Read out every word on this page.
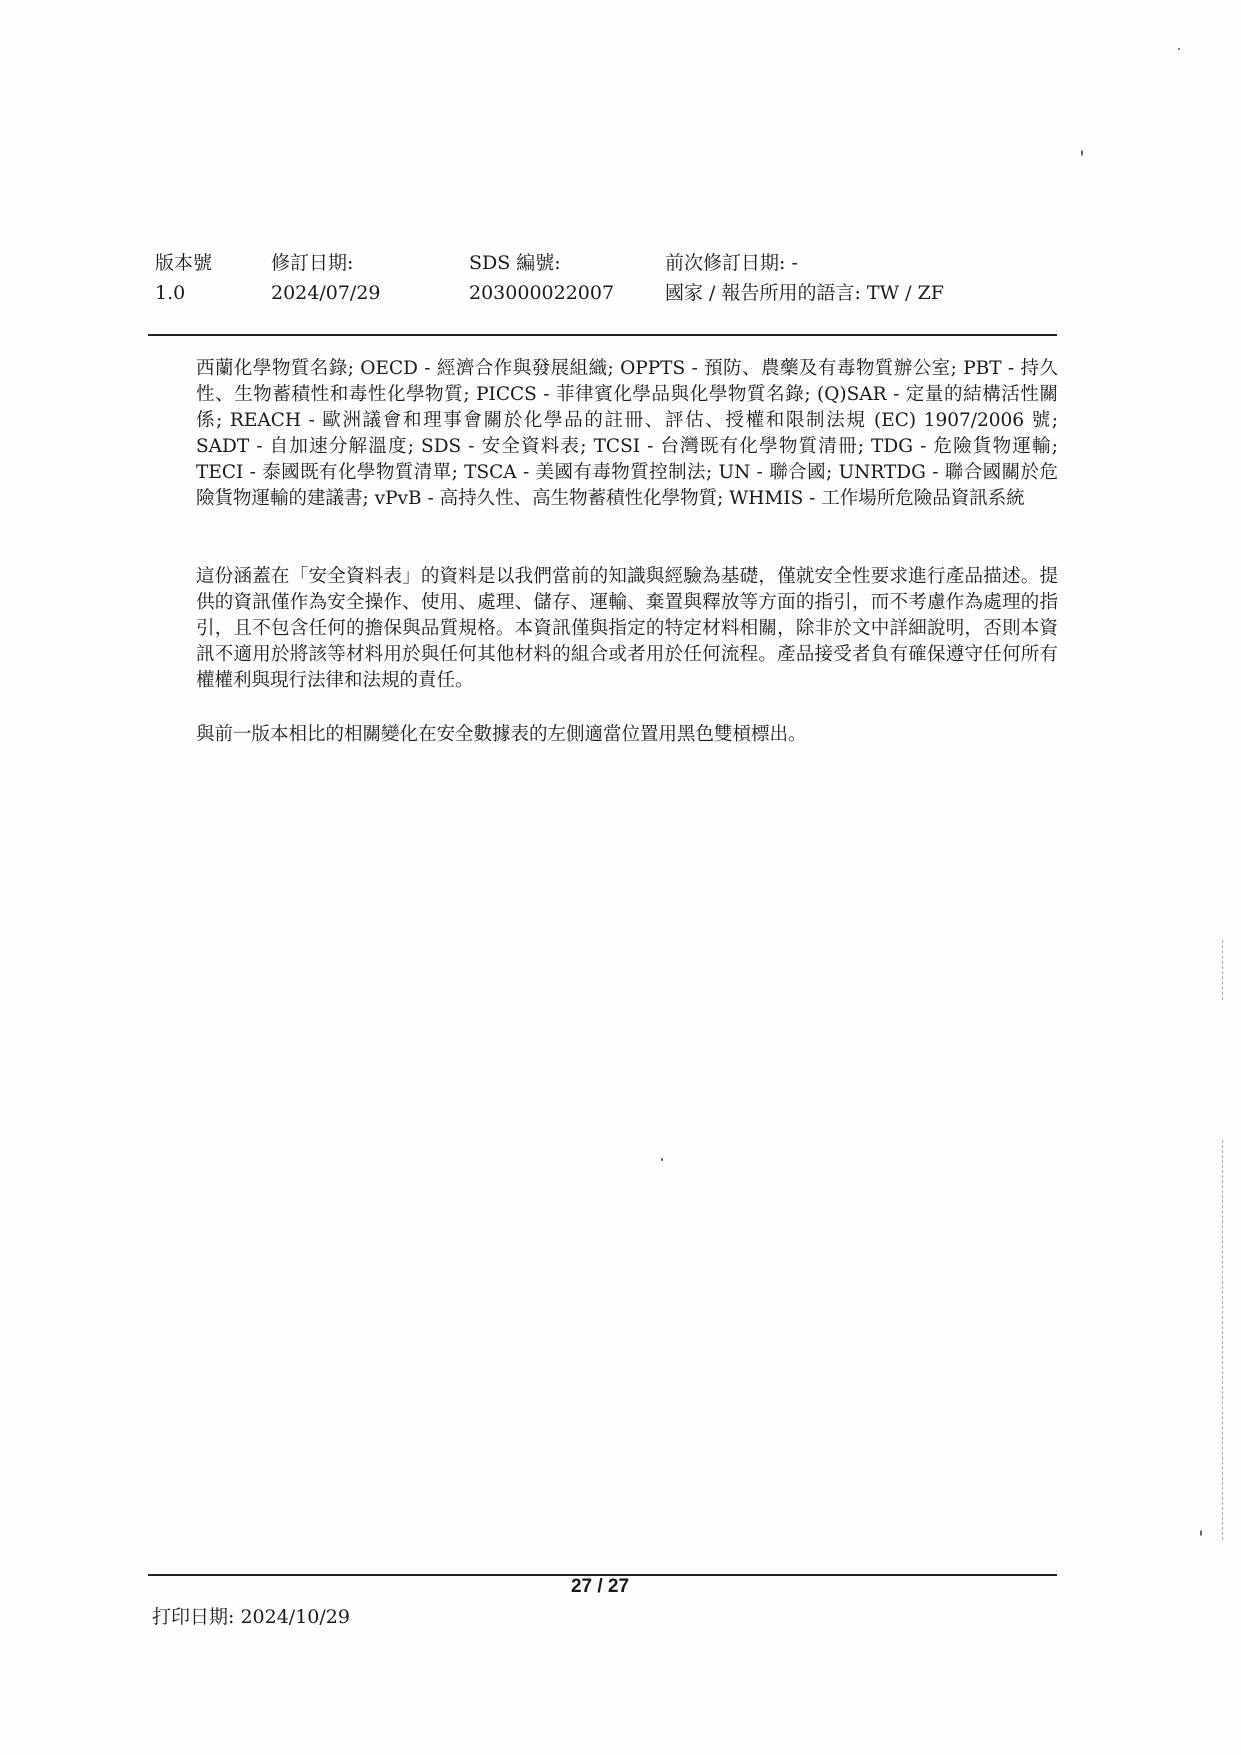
版本號
1.0
修訂日期:
2024/07/29
SDS 編號:
203000022007
前次修訂日期: -
國家 / 報告所用的語言: TW / ZF

西蘭化學物質名錄; OECD - 經濟合作與發展組織; OPPTS - 預防、農藥及有毒物質辦公室; PBT - 持久性、生物蓄積性和毒性化學物質; PICCS - 菲律賓化學品與化學物質名錄; (Q)SAR - 定量的結構活性關係; REACH - 歐洲議會和理事會關於化學品的註冊、評估、授權和限制法規 (EC) 1907/2006 號; SADT - 自加速分解溫度; SDS - 安全資料表; TCSI - 台灣既有化學物質清冊; TDG - 危險貨物運輸; TECI - 泰國既有化學物質清單; TSCA - 美國有毒物質控制法; UN - 聯合國; UNRTDG - 聯合國關於危險貨物運輸的建議書; vPvB - 高持久性、高生物蓄積性化學物質; WHMIS - 工作場所危險品資訊系統

這份涵蓋在「安全資料表」的資料是以我們當前的知識與經驗為基礎，僅就安全性要求進行產品描述。提供的資訊僅作為安全操作、使用、處理、儲存、運輸、棄置與釋放等方面的指引，而不考慮作為處理的指引，且不包含任何的擔保與品質規格。本資訊僅與指定的特定材料相關，除非於文中詳細說明，否則本資訊不適用於將該等材料用於與任何其他材料的組合或者用於任何流程。產品接受者負有確保遵守任何所有權權利與現行法律和法規的責任。

與前一版本相比的相關變化在安全數據表的左側適當位置用黑色雙槓標出。

27 / 27
打印日期: 2024/10/29
